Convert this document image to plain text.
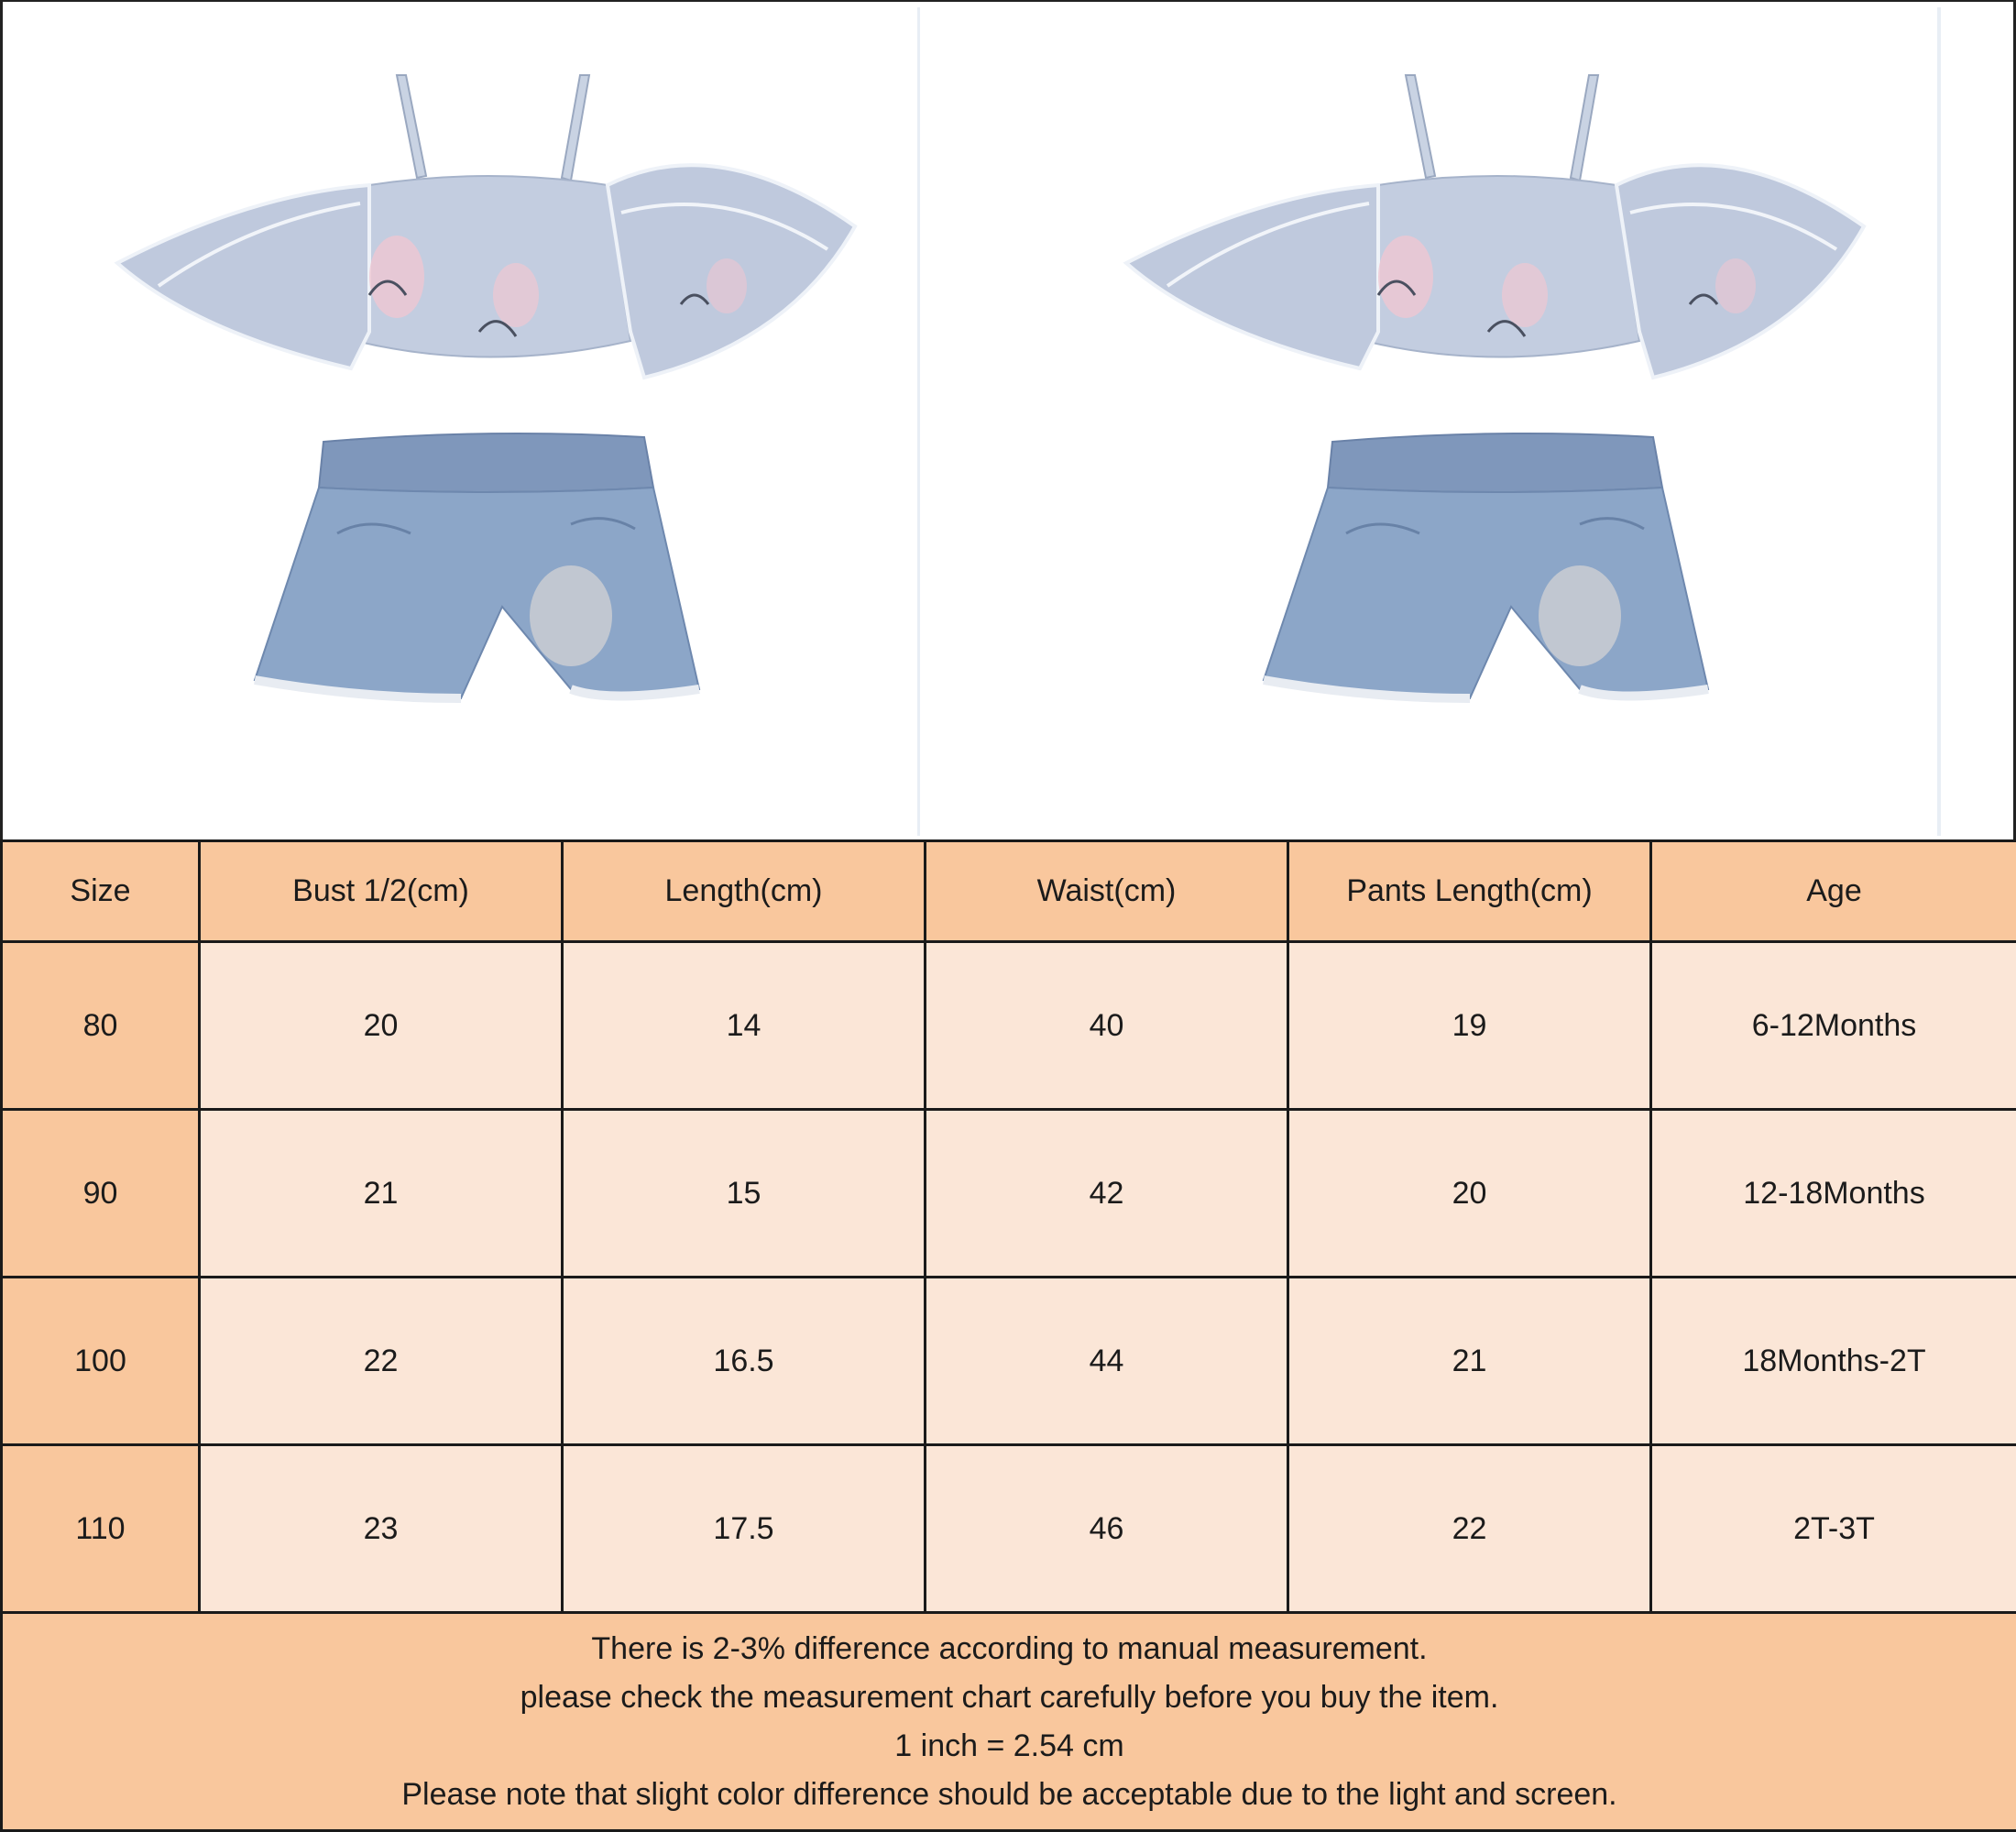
Size	Bust 1/2(cm)	Length(cm)	Waist(cm)	Pants Length(cm)	Age
80	20	14	40	19	6-12Months
90	21	15	42	20	12-18Months
100	22	16.5	44	21	18Months-2T
110	23	17.5	46	22	2T-3T

There is 2-3% difference according to manual measurement.
please check the measurement chart carefully before you buy the item.
1 inch = 2.54 cm
Please note that slight color difference should be acceptable due to the light and screen.					
